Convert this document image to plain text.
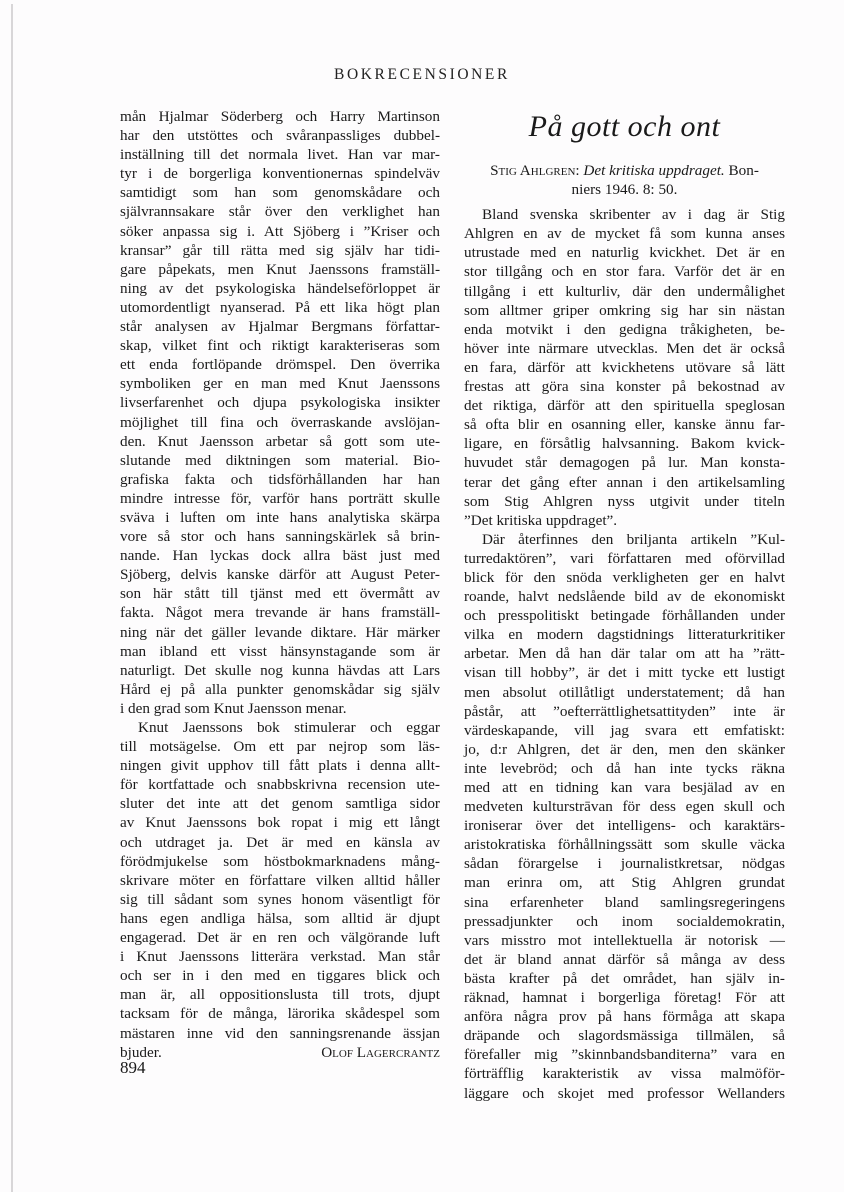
BOKRECENSIONER
mån Hjalmar Söderberg och Harry Martinson
har den utstöttes och svåranpassliges dubbel-
inställning till det normala livet. Han var mar-
tyr i de borgerliga konventionernas spindelväv
samtidigt som han som genomskådare och
självrannsakare står över den verklighet han
söker anpassa sig i. Att Sjöberg i ”Kriser och
kransar” går till rätta med sig själv har tidi-
gare påpekats, men Knut Jaenssons framställ-
ning av det psykologiska händelseförloppet är
utomordentligt nyanserad. På ett lika högt plan
står analysen av Hjalmar Bergmans författar-
skap, vilket fint och riktigt karakteriseras som
ett enda fortlöpande drömspel. Den överrika
symboliken ger en man med Knut Jaenssons
livserfarenhet och djupa psykologiska insikter
möjlighet till fina och överraskande avslöjan-
den. Knut Jaensson arbetar så gott som ute-
slutande med diktningen som material. Bio-
grafiska fakta och tidsförhållanden har han
mindre intresse för, varför hans porträtt skulle
sväva i luften om inte hans analytiska skärpa
vore så stor och hans sanningskärlek så brin-
nande. Han lyckas dock allra bäst just med
Sjöberg, delvis kanske därför att August Peter-
son här stått till tjänst med ett övermått av
fakta. Något mera trevande är hans framställ-
ning när det gäller levande diktare. Här märker
man ibland ett visst hänsynstagande som är
naturligt. Det skulle nog kunna hävdas att Lars
Hård ej på alla punkter genomskådar sig själv
i den grad som Knut Jaensson menar.
Knut Jaenssons bok stimulerar och eggar
till motsägelse. Om ett par nejrop som läs-
ningen givit upphov till fått plats i denna allt-
för kortfattade och snabbskrivna recension ute-
sluter det inte att det genom samtliga sidor
av Knut Jaenssons bok ropat i mig ett långt
och utdraget ja. Det är med en känsla av
förödmjukelse som höstbokmarknadens mång-
skrivare möter en författare vilken alltid håller
sig till sådant som synes honom väsentligt för
hans egen andliga hälsa, som alltid är djupt
engagerad. Det är en ren och välgörande luft
i Knut Jaenssons litterära verkstad. Man står
och ser in i den med en tiggares blick och
man är, all oppositionslusta till trots, djupt
tacksam för de många, lärorika skådespel som
mästaren inne vid den sanningsrenande ässjan
bjuder.	Olof Lagercrantz
På gott och ont
Stig Ahlgren: Det kritiska uppdraget. Bon-
niers 1946. 8: 50.
Bland svenska skribenter av i dag är Stig
Ahlgren en av de mycket få som kunna anses
utrustade med en naturlig kvickhet. Det är en
stor tillgång och en stor fara. Varför det är en
tillgång i ett kulturliv, där den undermålighet
som alltmer griper omkring sig har sin nästan
enda motvikt i den gedigna tråkigheten, be-
höver inte närmare utvecklas. Men det är också
en fara, därför att kvickhetens utövare så lätt
frestas att göra sina konster på bekostnad av
det riktiga, därför att den spirituella speglosan
så ofta blir en osanning eller, kanske ännu far-
ligare, en försåtlig halvsanning. Bakom kvick-
huvudet står demagogen på lur. Man konsta-
terar det gång efter annan i den artikelsamling
som Stig Ahlgren nyss utgivit under titeln
”Det kritiska uppdraget”.
Där återfinnes den briljanta artikeln ”Kul-
turredaktören”, vari författaren med oförvillad
blick för den snöda verkligheten ger en halvt
roande, halvt nedslående bild av de ekonomiskt
och presspolitiskt betingade förhållanden under
vilka en modern dagstidnings litteraturkritiker
arbetar. Men då han där talar om att ha ”rätt-
visan till hobby”, är det i mitt tycke ett lustigt
men absolut otillåtligt understatement; då han
påstår, att ”oefterrättlighetsattityden” inte är
värdeskapande, vill jag svara ett emfatiskt:
jo, d:r Ahlgren, det är den, men den skänker
inte levebröd; och då han inte tycks räkna
med att en tidning kan vara besjälad av en
medveten kulturstrāvan för dess egen skull och
ironiserar över det intelligens- och karaktärs-
aristokratiska förhållningssätt som skulle väcka
sådan förargelse i journalistkretsar, nödgas
man erinra om, att Stig Ahlgren grundat
sina erfarenheter bland samlingsregeringens
pressadjunkter och inom socialdemokratin,
vars misstro mot intellektuella är notorisk —
det är bland annat därför så många av dess
bästa krafter på det området, han själv in-
räknad, hamnat i borgerliga företag! För att
anföra några prov på hans förmåga att skapa
dräpande och slagordsmässiga tillmälen, så
förefaller mig ”skinnbandsbanditerna” vara en
förträfflig karakteristik av vissa malmöför-
läggare och skojet med professor Wellanders
894
